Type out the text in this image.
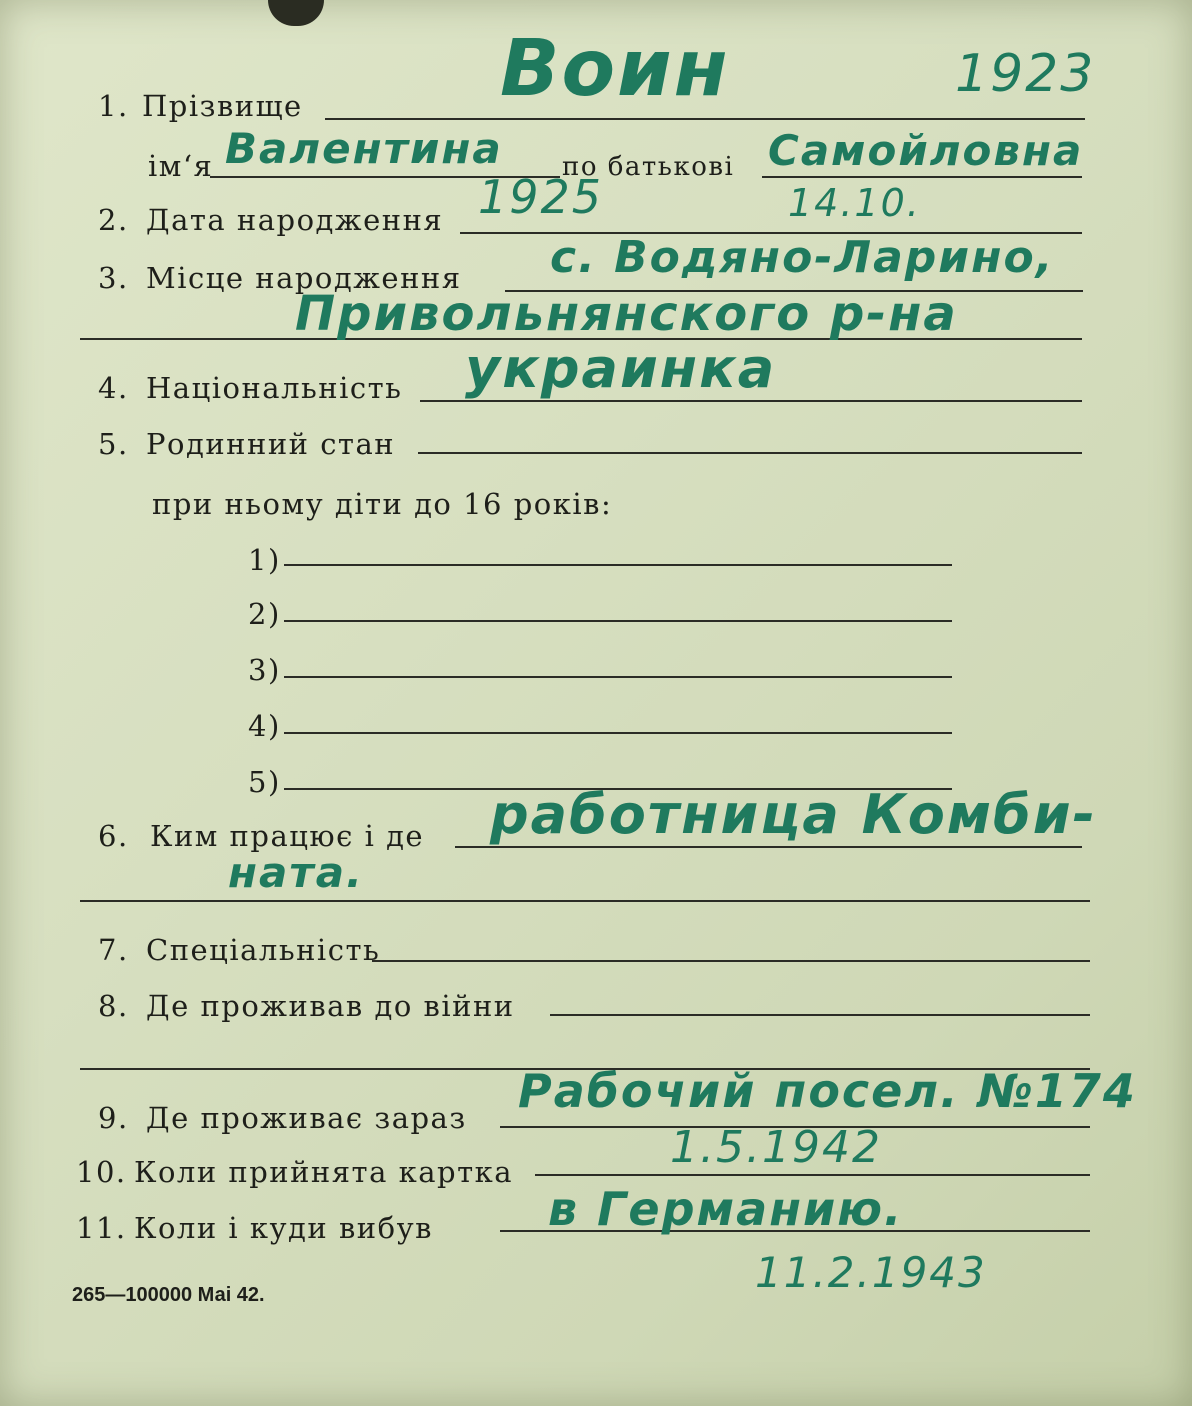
1. Прізвище	Воин	1923
ім‘я Валентина по батькові Самойловна
2. Дата народження 1925	14.10.
3. Місце народження с. Водяно-Ларино,
Привольнянского р-на
4. Національність украинка
5. Родинний стан
при ньому діти до 16 років:
1)
2)
3)
4)
5)
6. Ким працює і де работница Комби-
ната.
7. Спеціальність
8. Де проживав до війни
9. Де проживає зараз Рабочий посел. №174
10. Коли прийнята картка	1.5.1942
11. Коли і куди вибув	в Германию.
11.2.1943
265—100000 Маі 42.
